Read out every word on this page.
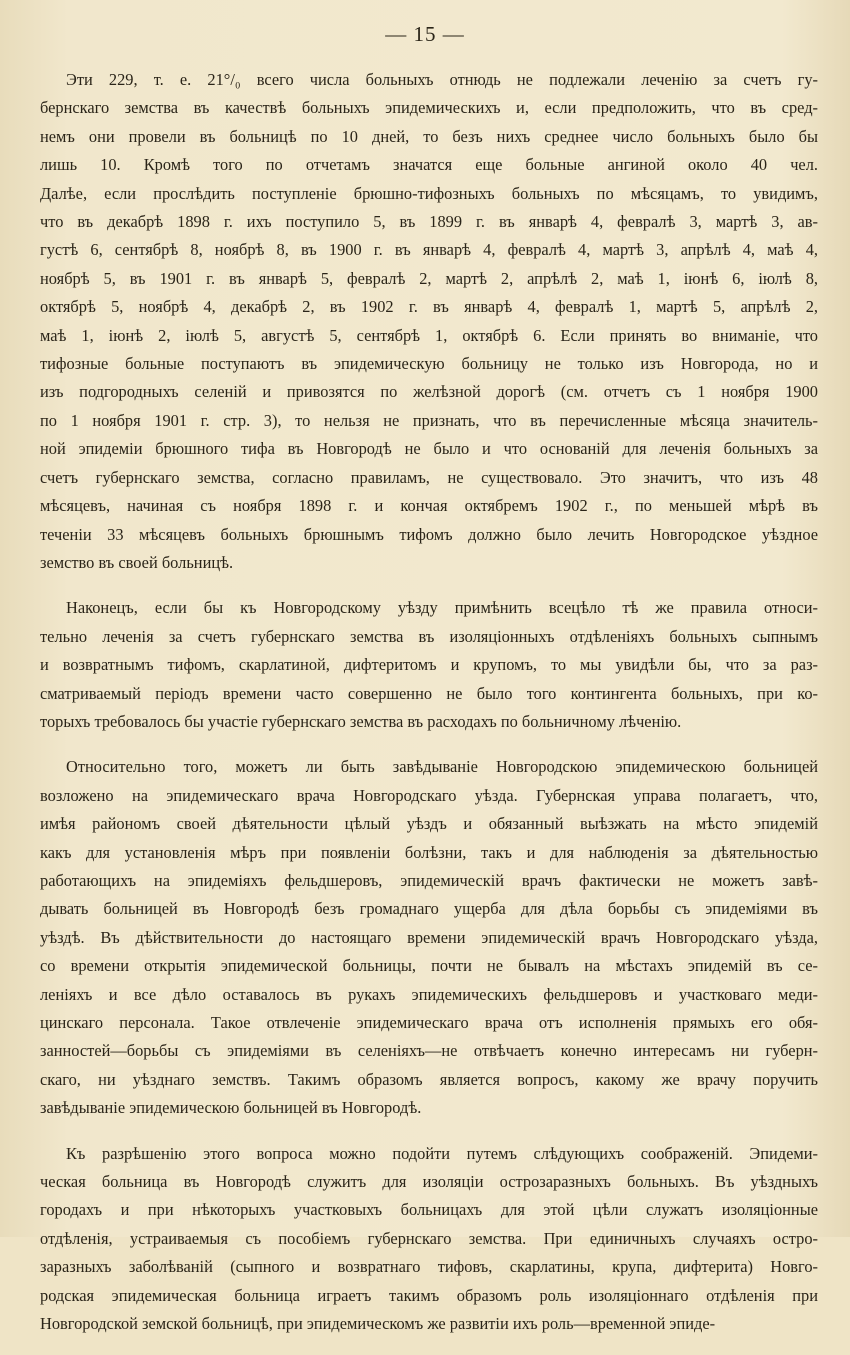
— 15 —
Эти 229, т. е. 21°/₀ всего числа больныхъ отнюдь не подлежали леченію за счетъ гу-
бернскаго земства въ качествѣ больныхъ эпидемическихъ и, если предположить, что въ сред-
немъ они провели въ больницѣ по 10 дней, то безъ нихъ среднее число больныхъ было бы
лишь 10. Кромѣ того по отчетамъ значатся еще больные ангиной около 40 чел.
Далѣе, если прослѣдить поступленіе брюшно-тифозныхъ больныхъ по мѣсяцамъ, то увидимъ,
что въ декабрѣ 1898 г. ихъ поступило 5, въ 1899 г. въ январѣ 4, февралѣ 3, мартѣ 3, ав-
густѣ 6, сентябрѣ 8, ноябрѣ 8, въ 1900 г. въ январѣ 4, февралѣ 4, мартѣ 3, апрѣлѣ 4, маѣ 4,
ноябрѣ 5, въ 1901 г. въ январѣ 5, февралѣ 2, мартѣ 2, апрѣлѣ 2, маѣ 1, іюнѣ 6, іюлѣ 8,
октябрѣ 5, ноябрѣ 4, декабрѣ 2, въ 1902 г. въ январѣ 4, февралѣ 1, мартѣ 5, апрѣлѣ 2,
маѣ 1, іюнѣ 2, іюлѣ 5, августѣ 5, сентябрѣ 1, октябрѣ 6. Если принять во вниманіе, что
тифозные больные поступаютъ въ эпидемическую больницу не только изъ Новгорода, но и
изъ подгородныхъ селеній и привозятся по желѣзной дорогѣ (см. отчетъ съ 1 ноября 1900
по 1 ноября 1901 г. стр. 3), то нельзя не признать, что въ перечисленные мѣсяца значитель-
ной эпидеміи брюшного тифа въ Новгородѣ не было и что основаній для леченія больныхъ за
счетъ губернскаго земства, согласно правиламъ, не существовало. Это значитъ, что изъ 48
мѣсяцевъ, начиная съ ноября 1898 г. и кончая октябремъ 1902 г., по меньшей мѣрѣ въ
теченіи 33 мѣсяцевъ больныхъ брюшнымъ тифомъ должно было лечить Новгородское уѣздное
земство въ своей больницѣ.
Наконецъ, если бы къ Новгородскому уѣзду примѣнить всецѣло тѣ же правила относи-
тельно леченія за счетъ губернскаго земства въ изоляціонныхъ отдѣленіяхъ больныхъ сыпнымъ
и возвратнымъ тифомъ, скарлатиной, дифтеритомъ и крупомъ, то мы увидѣли бы, что за раз-
сматриваемый періодъ времени часто совершенно не было того контингента больныхъ, при ко-
торыхъ требовалось бы участіе губернскаго земства въ расходахъ по больничному лѣченію.
Относительно того, можетъ ли быть завѣдываніе Новгородскою эпидемическою больницей
возложено на эпидемическаго врача Новгородскаго уѣзда. Губернская управа полагаетъ, что,
имѣя райономъ своей дѣятельности цѣлый уѣздъ и обязанный выѣзжать на мѣсто эпидемій
какъ для установленія мѣръ при появленіи болѣзни, такъ и для наблюденія за дѣятельностью
работающихъ на эпидеміяхъ фельдшеровъ, эпидемическій врачъ фактически не можетъ завѣ-
дывать больницей въ Новгородѣ безъ громаднаго ущерба для дѣла борьбы съ эпидеміями въ
уѣздѣ. Въ дѣйствительности до настоящаго времени эпидемическій врачъ Новгородскаго уѣзда,
со времени открытія эпидемической больницы, почти не бывалъ на мѣстахъ эпидемій въ се-
леніяхъ и все дѣло оставалось въ рукахъ эпидемическихъ фельдшеровъ и участковаго меди-
цинскаго персонала. Такое отвлеченіе эпидемическаго врача отъ исполненія прямыхъ его обя-
занностей—борьбы съ эпидеміями въ селеніяхъ—не отвѣчаетъ конечно интересамъ ни губерн-
скаго, ни уѣзднаго земствъ. Такимъ образомъ является вопросъ, какому же врачу поручить
завѣдываніе эпидемическою больницей въ Новгородѣ.
Къ разрѣшенію этого вопроса можно подойти путемъ слѣдующихъ соображеній. Эпидеми-
ческая больница въ Новгородѣ служитъ для изоляціи острозаразныхъ больныхъ. Въ уѣздныхъ
городахъ и при нѣкоторыхъ участковыхъ больницахъ для этой цѣли служатъ изоляціонные
отдѣленія, устраиваемыя съ пособіемъ губернскаго земства. При единичныхъ случаяхъ остро-
заразныхъ заболѣваній (сыпного и возвратнаго тифовъ, скарлатины, крупа, дифтерита) Новго-
родская эпидемическая больница играетъ такимъ образомъ роль изоляціоннаго отдѣленія при
Новгородской земской больницѣ, при эпидемическомъ же развитіи ихъ роль—временной эпиде-
